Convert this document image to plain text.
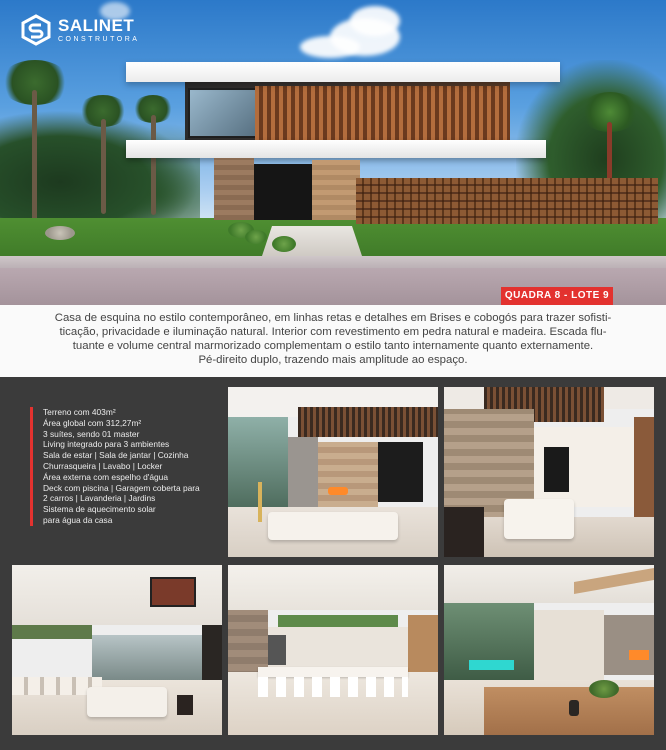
SALINET
CONSTRUTORA
QUADRA 8 - LOTE 9
Casa de esquina no estilo contemporâneo, em linhas retas e detalhes em Brises e cobogós para trazer sofisti-
ticação, privacidade e iluminação natural. Interior com revestimento em pedra natural e madeira. Escada flu-
tuante e volume central marmorizado complementam o estilo tanto internamente quanto externamente.
Pé-direito duplo, trazendo mais amplitude ao espaço.
Terreno com 403m²
Área global com 312,27m²
3 suítes, sendo 01 master
Living integrado para 3 ambientes
Sala de estar | Sala de jantar | Cozinha
Churrasqueira | Lavabo | Locker
Área externa com espelho d'água
Deck com piscina | Garagem coberta para
2 carros | Lavanderia | Jardins
Sistema de aquecimento solar
para água da casa
